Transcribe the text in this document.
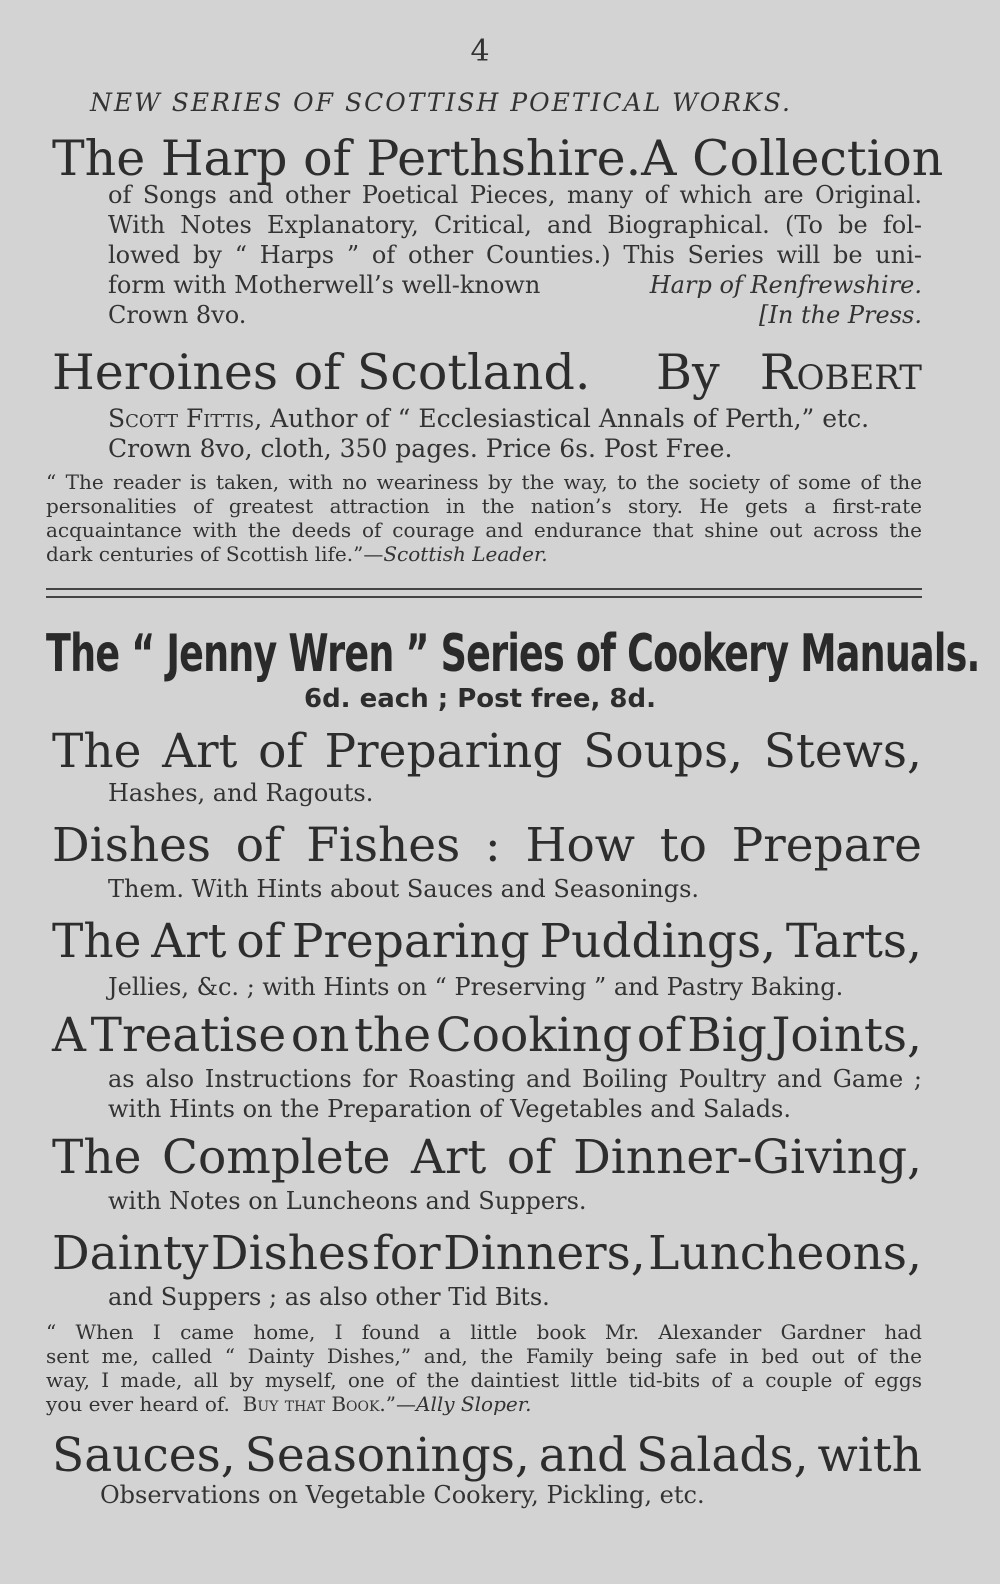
4
NEW SERIES OF SCOTTISH POETICAL WORKS.
The Harp of Perthshire. A Collection
of Songs and other Poetical Pieces, many of which are Original.
With Notes Explanatory, Critical, and Biographical. (To be fol-
lowed by “ Harps ” of other Counties.) This Series will be uni-
form with Motherwell’s well-known	Harp of Renfrewshire.
Crown 8vo.	[In the Press.
Heroines of Scotland. By Robert
Scott Fittis, Author of “ Ecclesiastical Annals of Perth,” etc.
Crown 8vo, cloth, 350 pages. Price 6s. Post Free.
“ The reader is taken, with no weariness by the way, to the society of some of the
personalities of greatest attraction in the nation’s story. He gets a first-rate
acquaintance with the deeds of courage and endurance that shine out across the
dark centuries of Scottish life.”—Scottish Leader.
The “ Jenny Wren ” Series of Cookery Manuals.
6d. each ; Post free, 8d.
The Art of Preparing Soups, Stews,
Hashes, and Ragouts.
Dishes of Fishes : How to Prepare
Them. With Hints about Sauces and Seasonings.
The Art of Preparing Puddings, Tarts,
Jellies, &c. ; with Hints on “ Preserving ” and Pastry Baking.
A Treatise on the Cooking of Big Joints,
as also Instructions for Roasting and Boiling Poultry and Game ;
with Hints on the Preparation of Vegetables and Salads.
The Complete Art of Dinner-Giving,
with Notes on Luncheons and Suppers.
Dainty Dishes for Dinners, Luncheons,
and Suppers ; as also other Tid Bits.
“ When I came home, I found a little book Mr. Alexander Gardner had
sent me, called “ Dainty Dishes,” and, the Family being safe in bed out of the
way, I made, all by myself, one of the daintiest little tid-bits of a couple of eggs
you ever heard of. Buy that Book.”—Ally Sloper.
Sauces, Seasonings, and Salads, with
Observations on Vegetable Cookery, Pickling, etc.
